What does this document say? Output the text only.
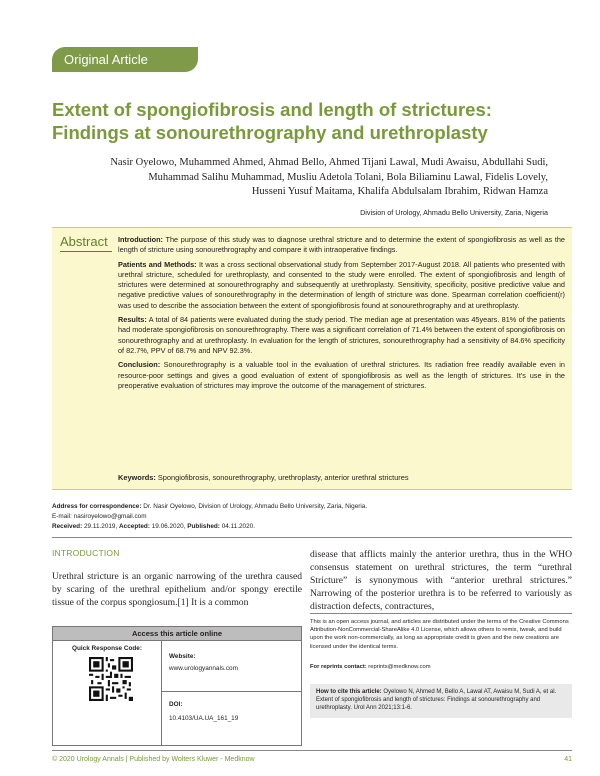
Original Article
Extent of spongiofibrosis and length of strictures: Findings at sonourethrography and urethroplasty
Nasir Oyelowo, Muhammed Ahmed, Ahmad Bello, Ahmed Tijani Lawal, Mudi Awaisu, Abdullahi Sudi,
Muhammad Salihu Muhammad, Musliu Adetola Tolani, Bola Biliaminu Lawal, Fidelis Lovely,
Husseni Yusuf Maitama, Khalifa Abdulsalam Ibrahim, Ridwan Hamza
Division of Urology, Ahmadu Bello University, Zaria, Nigeria
Abstract	Introduction: The purpose of this study was to diagnose urethral stricture and to determine the extent of spongiofibrosis as well as the length of stricture using sonourethrography and compare it with intraoperative findings.

Patients and Methods: It was a cross sectional observational study from September 2017-August 2018. All patients who presented with urethral stricture, scheduled for urethroplasty, and consented to the study were enrolled. The extent of spongiofibrosis and length of strictures were determined at sonourethrography and subsequently at urethroplasty. Sensitivity, specificity, positive predictive value and negative predictive values of sonourethrography in the determination of length of stricture was done. Spearman correlation coefficient(r) was used to describe the association between the extent of spongiofibrosis found at sonourethrography and at urethroplasty.

Results: A total of 84 patients were evaluated during the study period. The median age at presentation was 45years. 81% of the patients had moderate spongiofibrosis on sonourethrography. There was a significant correlation of 71.4% between the extent of spongiofibrosis on sonourethrography and at urethroplasty. In evaluation for the length of strictures, sonourethrography had a sensitivity of 84.6% specificity of 82.7%, PPV of 68.7% and NPV 92.3%.

Conclusion: Sonourethrography is a valuable tool in the evaluation of urethral strictures. Its radiation free readily available even in resource-poor settings and gives a good evaluation of extent of spongiofibrosis as well as the length of strictures. It's use in the preoperative evaluation of strictures may improve the outcome of the management of strictures.

Keywords: Spongiofibrosis, sonourethrography, urethroplasty, anterior urethral strictures
Address for correspondence: Dr. Nasir Oyelowo, Division of Urology, Ahmadu Bello University, Zaria, Nigeria.
E-mail: nasiroyelowo@gmail.com
Received: 29.11.2019, Accepted: 19.06.2020, Published: 04.11.2020.
INTRODUCTION
Urethral stricture is an organic narrowing of the urethra caused by scaring of the urethral epithelium and/or spongy erectile tissue of the corpus spongiosum.[1] It is a common
disease that afflicts mainly the anterior urethra, thus in the WHO consensus statement on urethral strictures, the term “urethral Stricture” is synonymous with “anterior urethral strictures.” Narrowing of the posterior urethra is to be referred to variously as distraction defects, contractures,
Access this article online
Quick Response Code:
Website:
www.urologyannals.com
DOI:
10.4103/UA.UA_161_19
This is an open access journal, and articles are distributed under the terms of the Creative Commons Attribution-NonCommercial-ShareAlike 4.0 License, which allows others to remix, tweak, and build upon the work non-commercially, as long as appropriate credit is given and the new creations are licensed under the identical terms.
For reprints contact: reprints@medknow.com
How to cite this article: Oyelowo N, Ahmed M, Bello A, Lawal AT, Awaisu M, Sudi A, et al. Extent of spongiofibrosis and length of strictures: Findings at sonourethrography and urethroplasty. Urol Ann 2021;13:1-6.
© 2020 Urology Annals | Published by Wolters Kluwer - Medknow	41
